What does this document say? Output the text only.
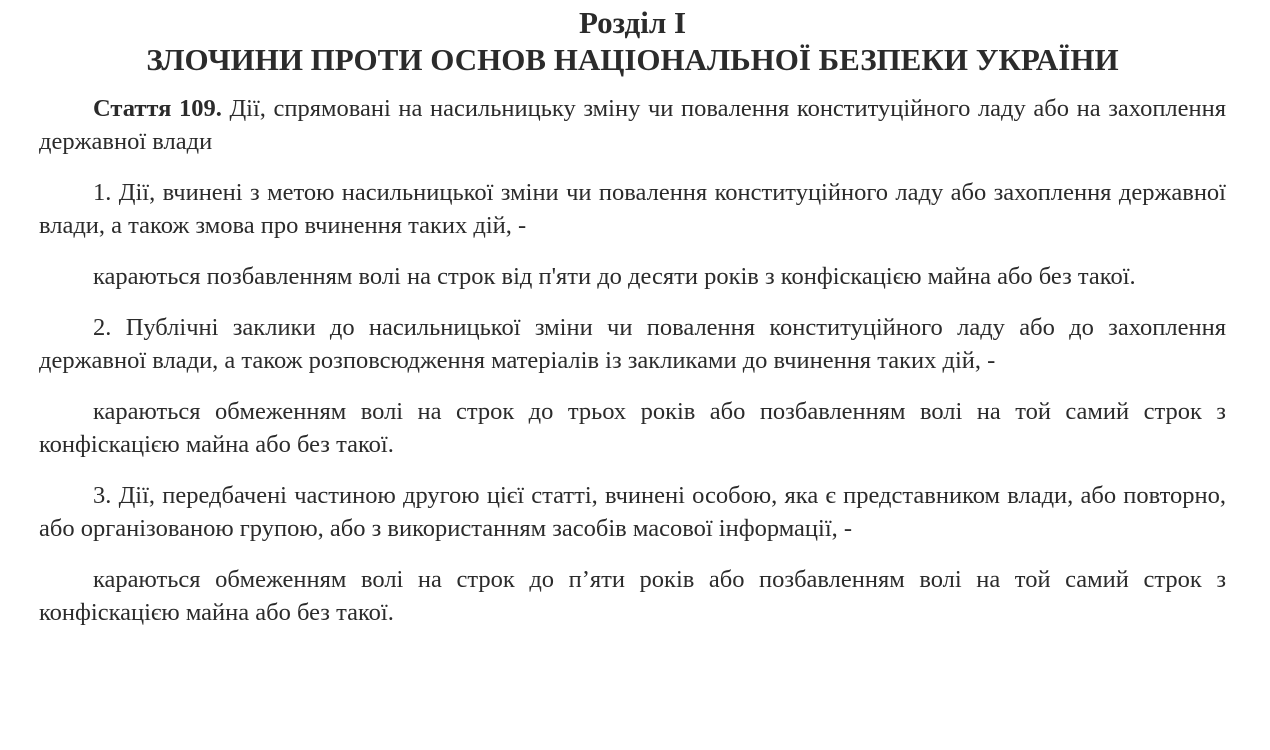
Розділ I
ЗЛОЧИНИ ПРОТИ ОСНОВ НАЦІОНАЛЬНОЇ БЕЗПЕКИ УКРАЇНИ

Стаття 109. Дії, спрямовані на насильницьку зміну чи повалення конституційного ладу або на захоплення державної влади

1. Дії, вчинені з метою насильницької зміни чи повалення конституційного ладу або захоплення державної влади, а також змова про вчинення таких дій, -

караються позбавленням волі на строк від п'яти до десяти років з конфіскацією майна або без такої.

2. Публічні заклики до насильницької зміни чи повалення конституційного ладу або до захоплення державної влади, а також розповсюдження матеріалів із закликами до вчинення таких дій, -

караються обмеженням волі на строк до трьох років або позбавленням волі на той самий строк з конфіскацією майна або без такої.

3. Дії, передбачені частиною другою цієї статті, вчинені особою, яка є представником влади, або повторно, або організованою групою, або з використанням засобів масової інформації, -

караються обмеженням волі на строк до п’яти років або позбавленням волі на той самий строк з конфіскацією майна або без такої.
